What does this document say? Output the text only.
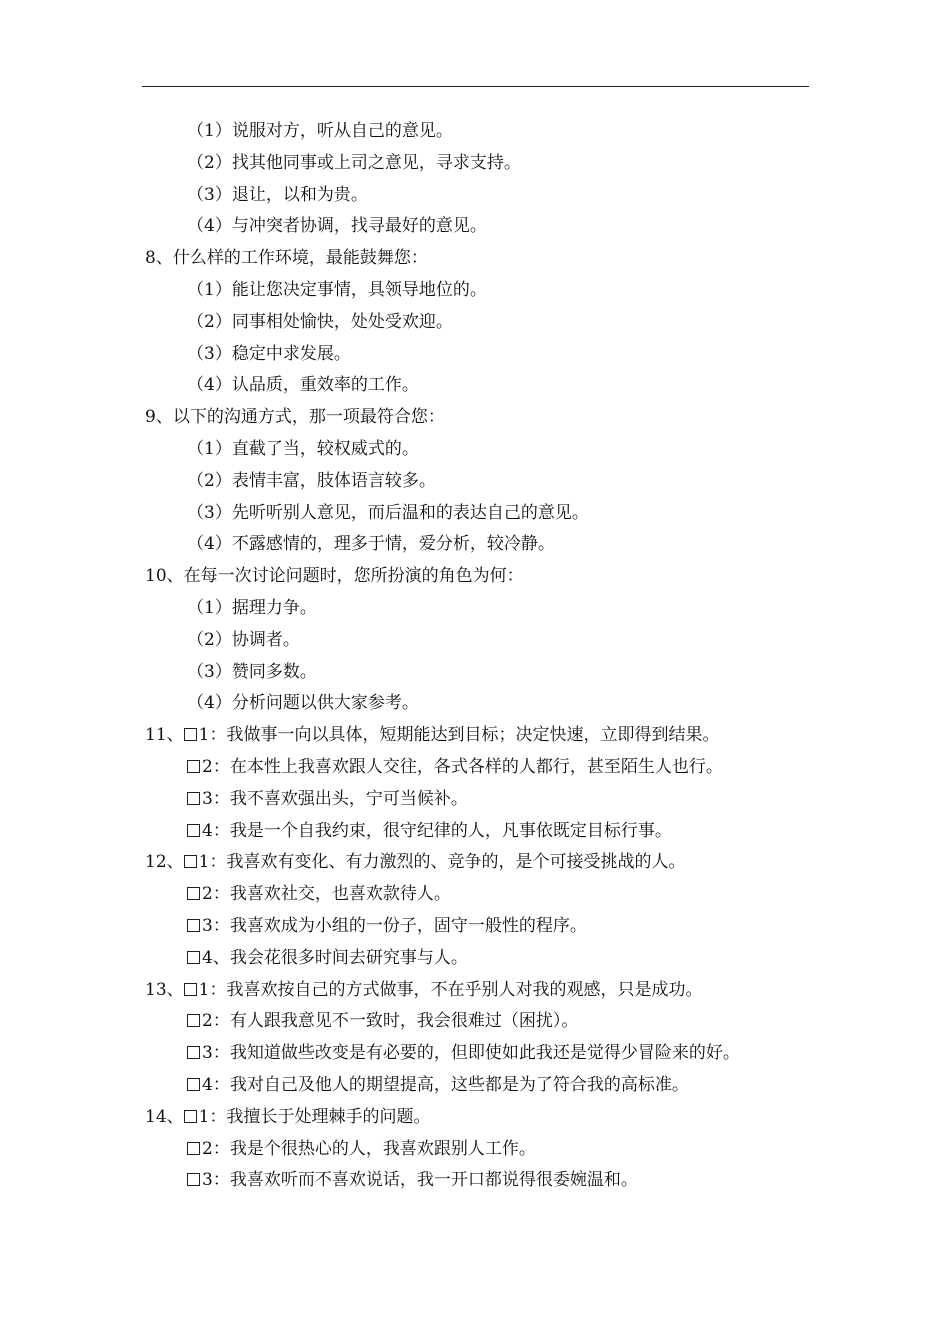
（1）说服对方，听从自己的意见。
（2）找其他同事或上司之意见，寻求支持。
（3）退让，以和为贵。
（4）与冲突者协调，找寻最好的意见。
8、什么样的工作环境，最能鼓舞您：
（1）能让您决定事情，具领导地位的。
（2）同事相处愉快，处处受欢迎。
（3）稳定中求发展。
（4）认品质，重效率的工作。
9、以下的沟通方式，那一项最符合您：
（1）直截了当，较权威式的。
（2）表情丰富，肢体语言较多。
（3）先听听别人意见，而后温和的表达自己的意见。
（4）不露感情的，理多于情，爱分析，较冷静。
10、在每一次讨论问题时，您所扮演的角色为何：
（1）据理力争。
（2）协调者。
（3）赞同多数。
（4）分析问题以供大家参考。
11、 1：我做事一向以具体，短期能达到目标；决定快速，立即得到结果。
2：在本性上我喜欢跟人交往，各式各样的人都行，甚至陌生人也行。
3：我不喜欢强出头，宁可当候补。
4：我是一个自我约束，很守纪律的人，凡事依既定目标行事。
12、 1：我喜欢有变化、有力激烈的、竞争的，是个可接受挑战的人。
2：我喜欢社交，也喜欢款待人。
3：我喜欢成为小组的一份子，固守一般性的程序。
4、我会花很多时间去研究事与人。
13、 1：我喜欢按自己的方式做事，不在乎别人对我的观感，只是成功。
2：有人跟我意见不一致时，我会很难过（困扰）。
3：我知道做些改变是有必要的，但即使如此我还是觉得少冒险来的好。
4：我对自己及他人的期望提高，这些都是为了符合我的高标准。
14、 1：我擅长于处理棘手的问题。
2：我是个很热心的人，我喜欢跟别人工作。
3：我喜欢听而不喜欢说话，我一开口都说得很委婉温和。
